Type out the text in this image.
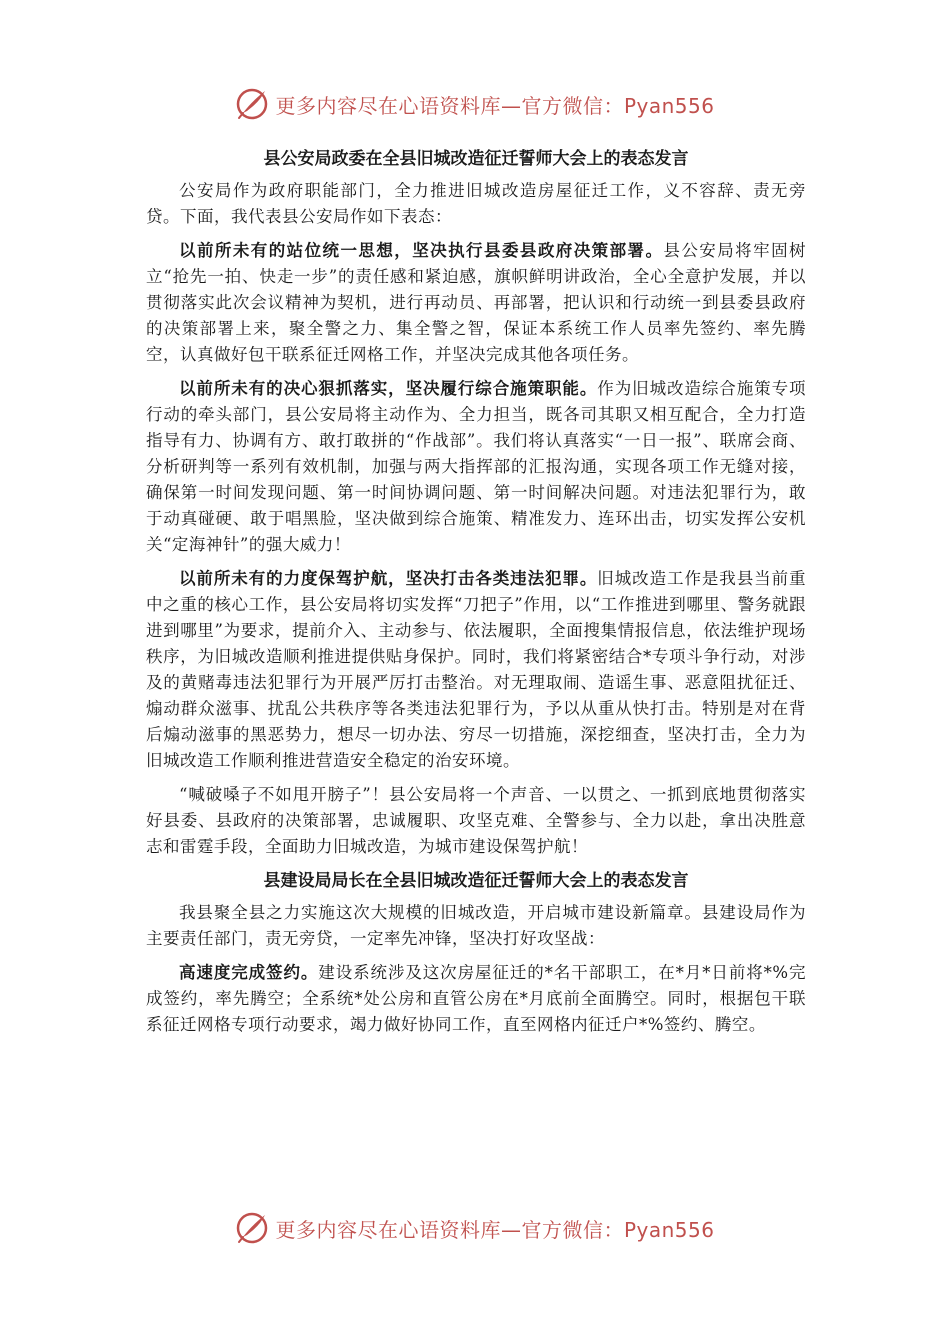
更多内容尽在心语资料库—官方微信：Pyan556
县公安局政委在全县旧城改造征迁誓师大会上的表态发言

公安局作为政府职能部门，全力推进旧城改造房屋征迁工作，义不容辞、责无旁贷。下面，我代表县公安局作如下表态：

以前所未有的站位统一思想，坚决执行县委县政府决策部署。县公安局将牢固树立“抢先一拍、快走一步”的责任感和紧迫感，旗帜鲜明讲政治，全心全意护发展，并以贯彻落实此次会议精神为契机，进行再动员、再部署，把认识和行动统一到县委县政府的决策部署上来，聚全警之力、集全警之智，保证本系统工作人员率先签约、率先腾空，认真做好包干联系征迁网格工作，并坚决完成其他各项任务。

以前所未有的决心狠抓落实，坚决履行综合施策职能。作为旧城改造综合施策专项行动的牵头部门，县公安局将主动作为、全力担当，既各司其职又相互配合，全力打造指导有力、协调有方、敢打敢拼的“作战部”。我们将认真落实“一日一报”、联席会商、分析研判等一系列有效机制，加强与两大指挥部的汇报沟通，实现各项工作无缝对接，确保第一时间发现问题、第一时间协调问题、第一时间解决问题。对违法犯罪行为，敢于动真碰硬、敢于唱黑脸，坚决做到综合施策、精准发力、连环出击，切实发挥公安机关“定海神针”的强大威力！

以前所未有的力度保驾护航，坚决打击各类违法犯罪。旧城改造工作是我县当前重中之重的核心工作，县公安局将切实发挥“刀把子”作用，以“工作推进到哪里、警务就跟进到哪里”为要求，提前介入、主动参与、依法履职，全面搜集情报信息，依法维护现场秩序，为旧城改造顺利推进提供贴身保护。同时，我们将紧密结合*专项斗争行动，对涉及的黄赌毒违法犯罪行为开展严厉打击整治。对无理取闹、造谣生事、恶意阻扰征迁、煽动群众滋事、扰乱公共秩序等各类违法犯罪行为，予以从重从快打击。特别是对在背后煽动滋事的黑恶势力，想尽一切办法、穷尽一切措施，深挖细查，坚决打击，全力为旧城改造工作顺利推进营造安全稳定的治安环境。

“喊破嗓子不如甩开膀子”！县公安局将一个声音、一以贯之、一抓到底地贯彻落实好县委、县政府的决策部署，忠诚履职、攻坚克难、全警参与、全力以赴，拿出决胜意志和雷霆手段，全面助力旧城改造，为城市建设保驾护航！

县建设局局长在全县旧城改造征迁誓师大会上的表态发言

我县聚全县之力实施这次大规模的旧城改造，开启城市建设新篇章。县建设局作为主要责任部门，责无旁贷，一定率先冲锋，坚决打好攻坚战：

高速度完成签约。建设系统涉及这次房屋征迁的*名干部职工，在*月*日前将*%完成签约，率先腾空；全系统*处公房和直管公房在*月底前全面腾空。同时，根据包干联系征迁网格专项行动要求，竭力做好协同工作，直至网格内征迁户*%签约、腾空。

更多内容尽在心语资料库—官方微信：Pyan556
